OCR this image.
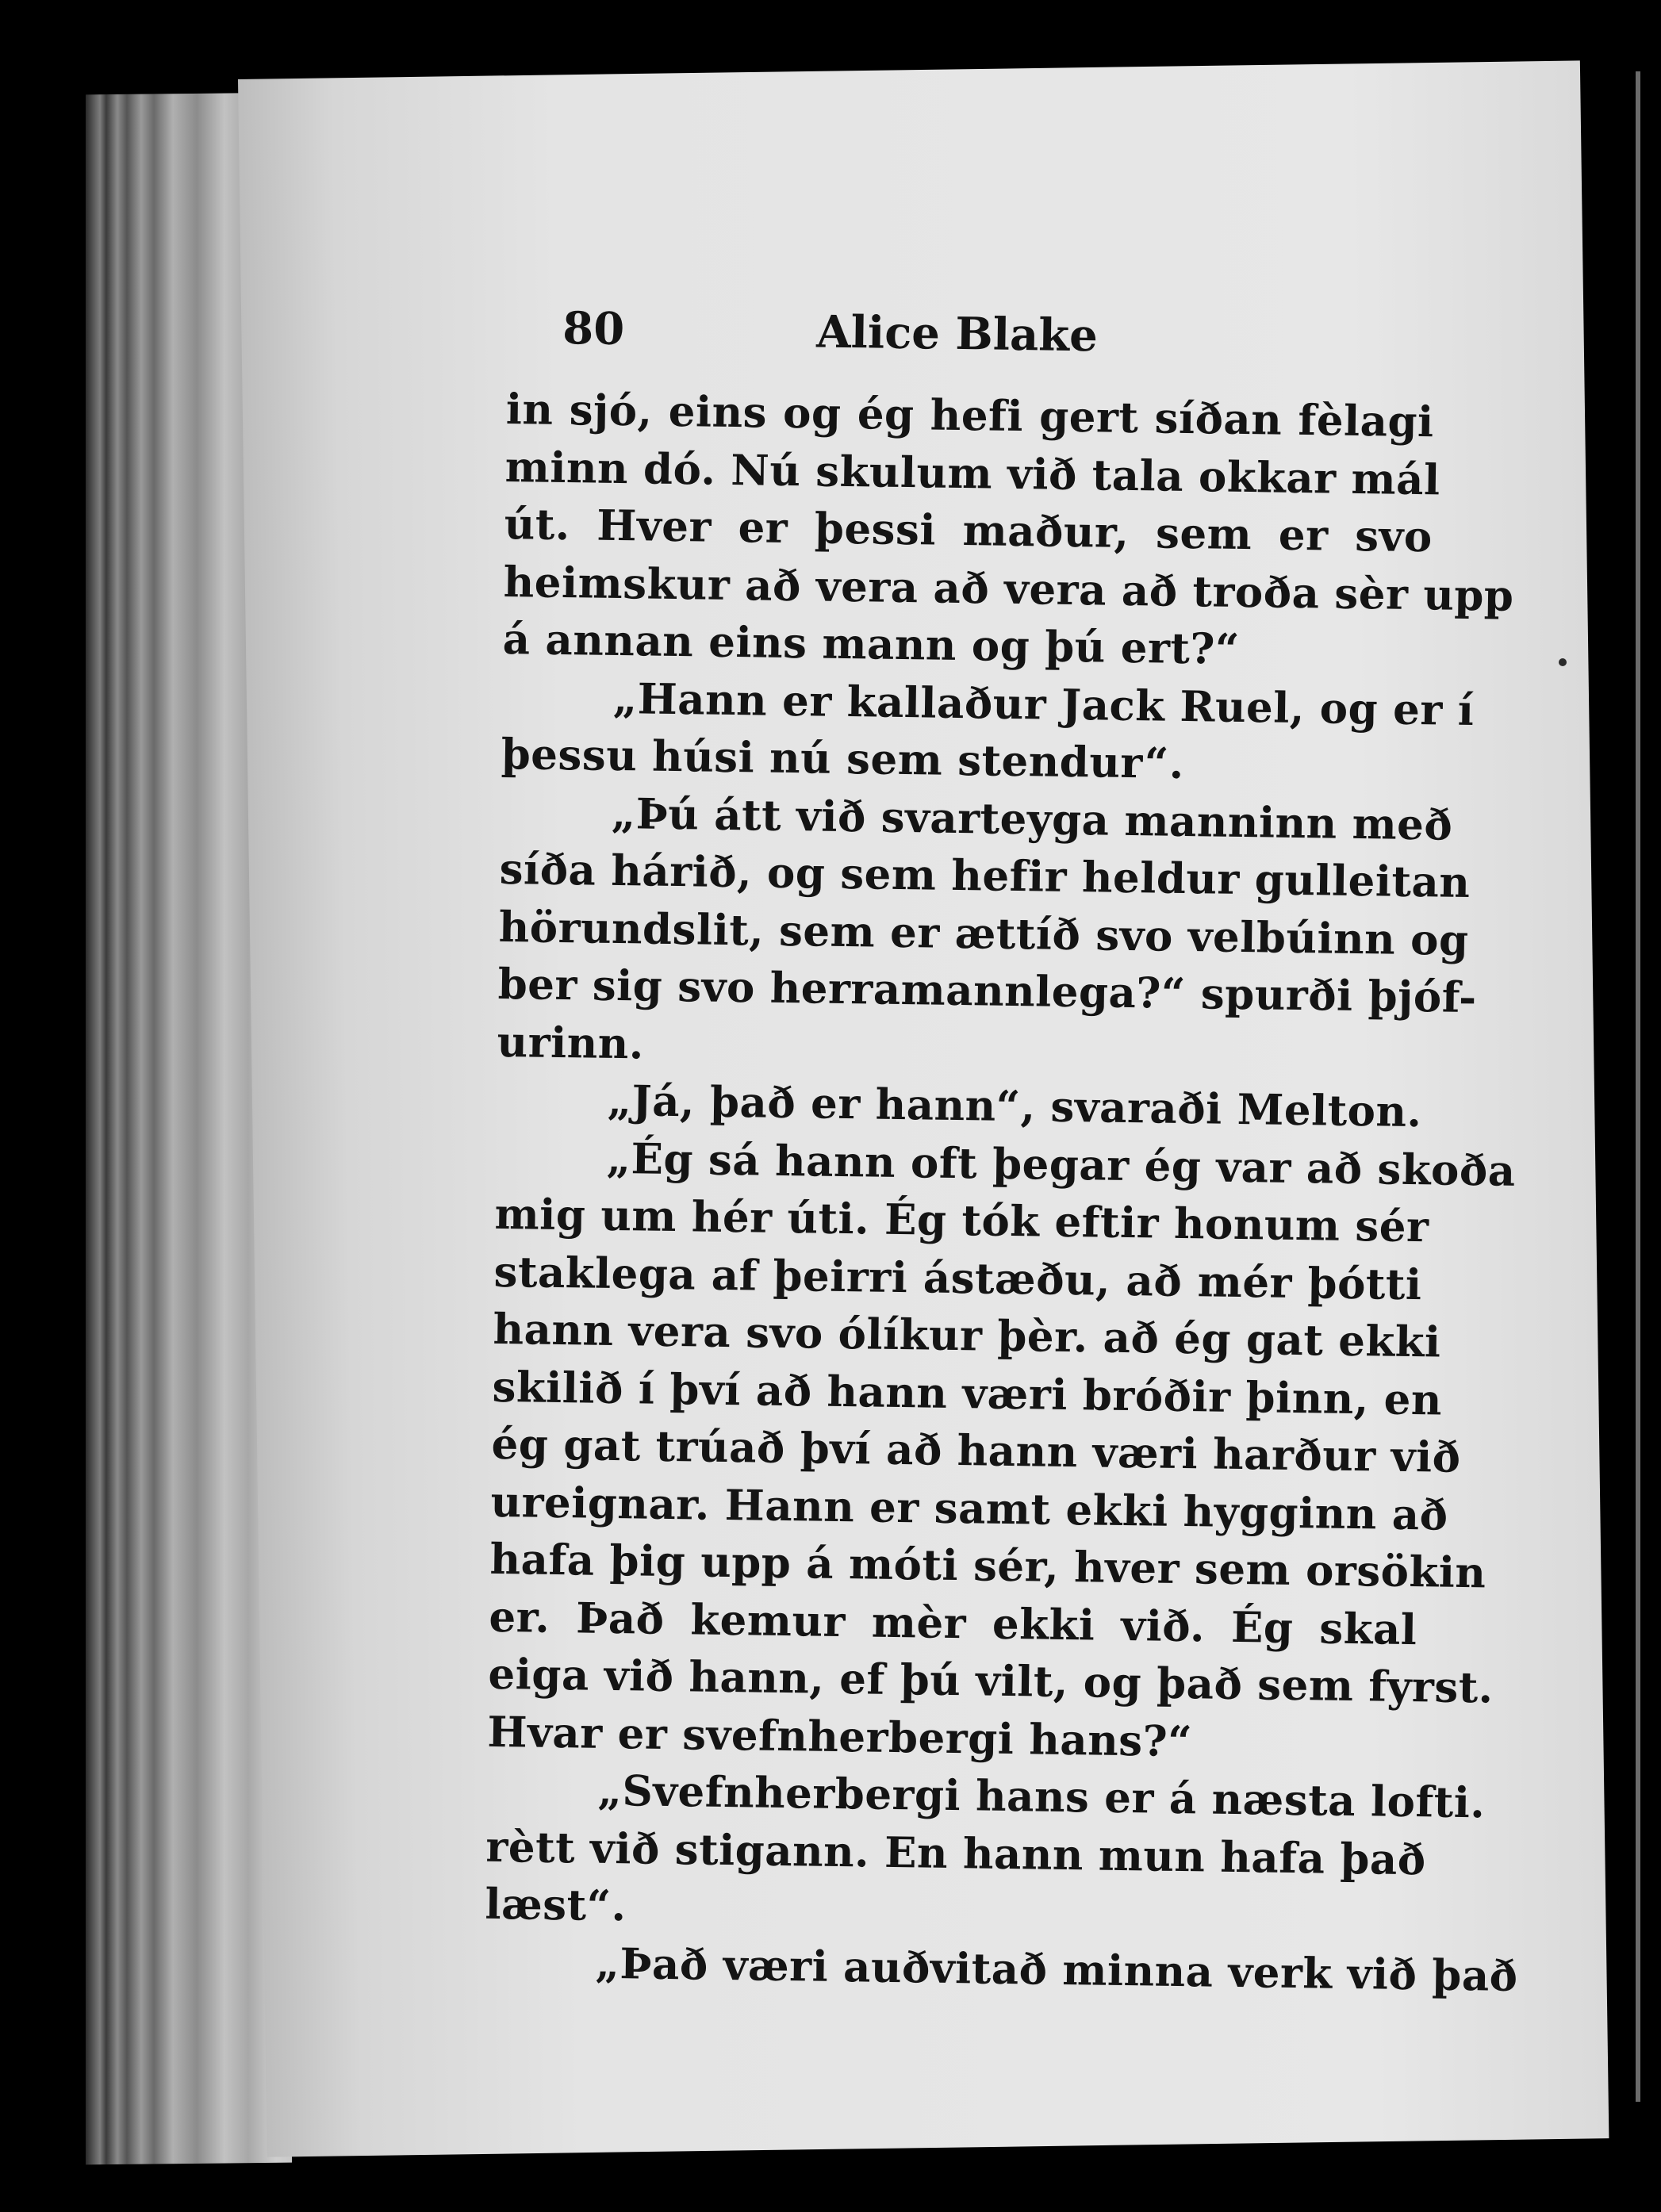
80	Alice Blake

in sjó, eins og ég hefi gert síðan fèlagi
minn dó. Nú skulum við tala okkar mál
út. Hver er þessi maður, sem er svo
heimskur að vera að vera að troða sèr upp
á annan eins mann og þú ert?“

„Hann er kallaður Jack Ruel, og er í
þessu húsi nú sem stendur“.

„Þú átt við svarteyga manninn með
síða hárið, og sem hefir heldur gulleitan
hörundslit, sem er ættíð svo velbúinn og
ber sig svo herramannlega?“ spurði þjóf-
urinn.

„Já, það er hann“, svaraði Melton.

„Ég sá hann oft þegar ég var að skoða
mig um hér úti. Ég tók eftir honum sér
staklega af þeirri ástæðu, að mér þótti
hann vera svo ólíkur þèr. að ég gat ekki
skilið í því að hann væri bróðir þinn, en
ég gat trúað því að hann væri harður við
ureignar. Hann er samt ekki hygginn að
hafa þig upp á móti sér, hver sem orsökin
er. Það kemur mèr ekki við. Ég skal
eiga við hann, ef þú vilt, og það sem fyrst.
Hvar er svefnherbergi hans?“

„Svefnherbergi hans er á næsta lofti.
rètt við stigann. En hann mun hafa það
læst“.

„Það væri auðvitað minna verk við það
